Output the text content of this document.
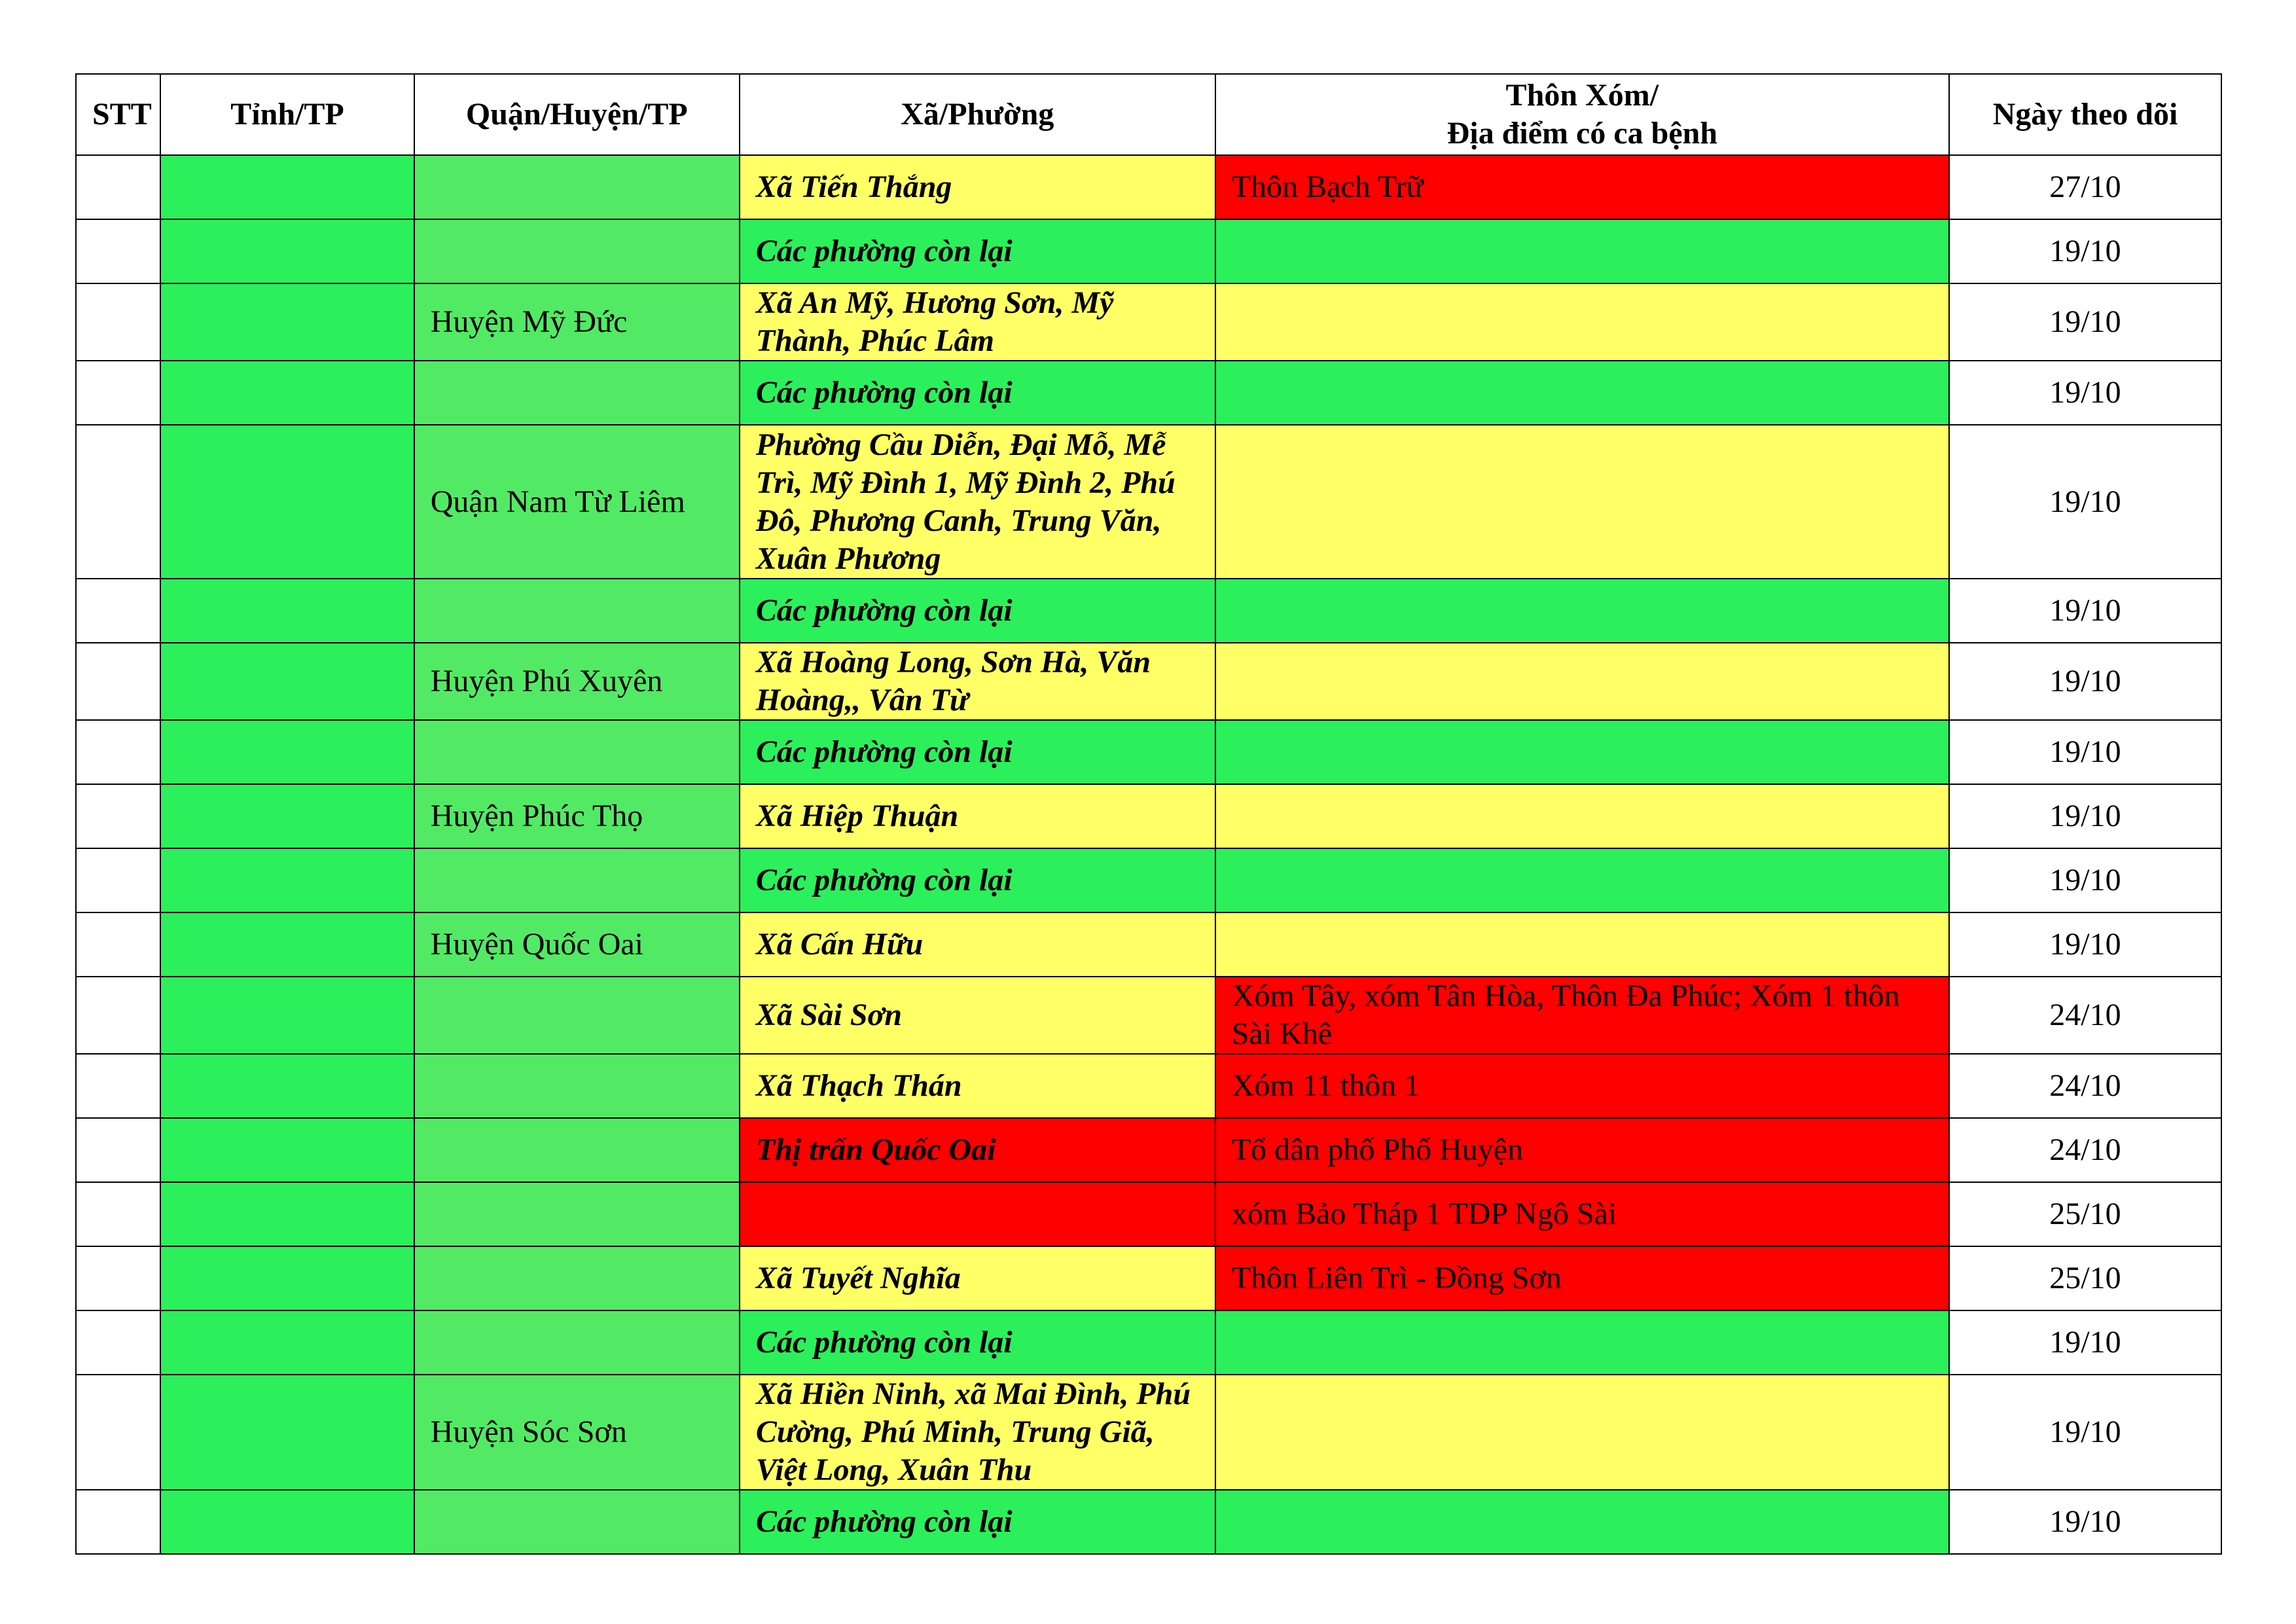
STT	Tỉnh/TP	Quận/Huyện/TP	Xã/Phường	Thôn Xóm/
Địa điểm có ca bệnh	Ngày theo dõi
			Xã Tiến Thắng	Thôn Bạch Trữ	27/10
			Các phường còn lại		19/10
		Huyện Mỹ Đức	Xã An Mỹ, Hương Sơn, Mỹ Thành, Phúc Lâm		19/10
			Các phường còn lại		19/10
		Quận Nam Từ Liêm	Phường Cầu Diễn, Đại Mỗ, Mễ Trì, Mỹ Đình 1, Mỹ Đình 2, Phú Đô, Phương Canh, Trung Văn, Xuân Phương		19/10
			Các phường còn lại		19/10
		Huyện Phú Xuyên	Xã Hoàng Long, Sơn Hà, Văn Hoàng,, Vân Từ		19/10
			Các phường còn lại		19/10
		Huyện Phúc Thọ	Xã Hiệp Thuận		19/10
			Các phường còn lại		19/10
		Huyện Quốc Oai	Xã Cấn Hữu		19/10
			Xã Sài Sơn	Xóm Tây, xóm Tân Hòa, Thôn Đa Phúc; Xóm 1 thôn Sài Khê	24/10
			Xã Thạch Thán	Xóm 11 thôn 1	24/10
			Thị trấn Quốc Oai	Tổ dân phố Phố Huyện	24/10
				xóm Bảo Tháp 1 TDP Ngô Sài	25/10
			Xã Tuyết Nghĩa	Thôn Liên Trì - Đồng Sơn	25/10
			Các phường còn lại		19/10
		Huyện Sóc Sơn	Xã Hiền Ninh, xã Mai Đình, Phú Cường, Phú Minh, Trung Giã, Việt Long, Xuân Thu		19/10
			Các phường còn lại		19/10
